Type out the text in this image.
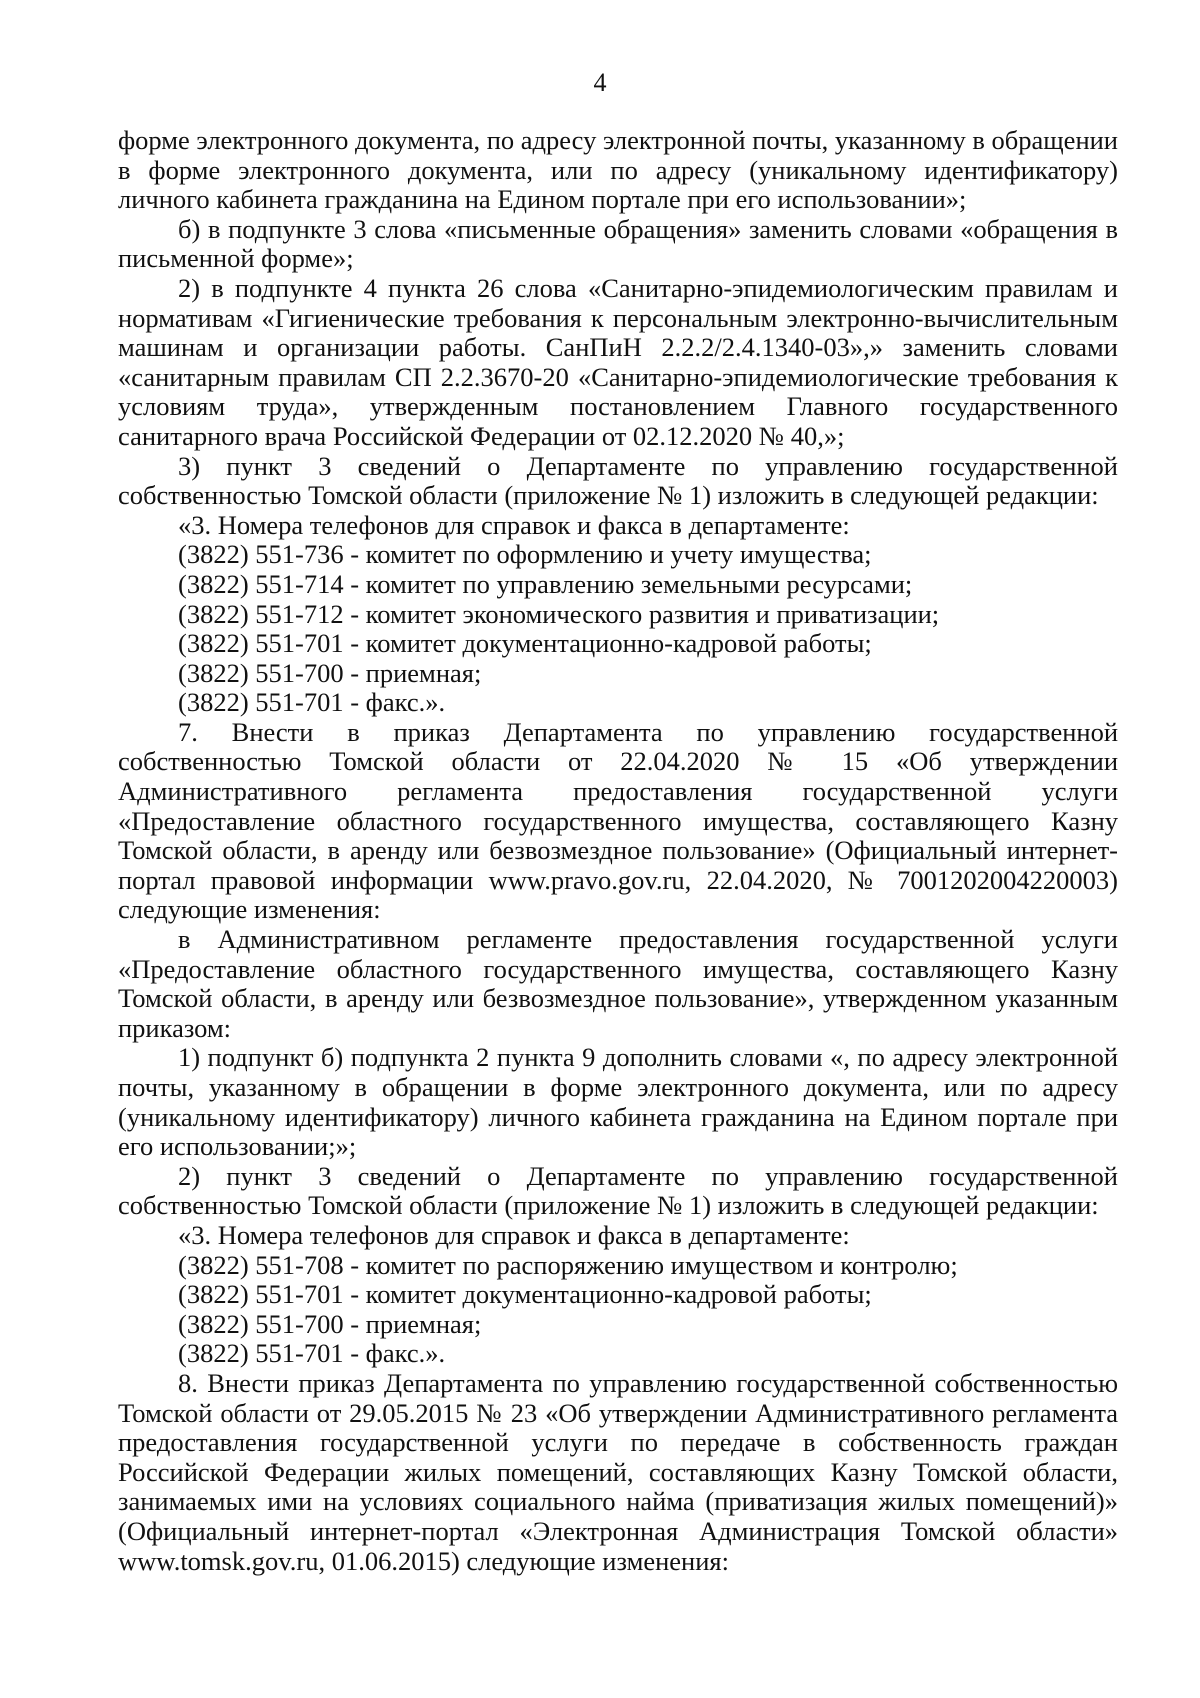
4

форме электронного документа, по адресу электронной почты, указанному в обращении в форме электронного документа, или по адресу (уникальному идентификатору) личного кабинета гражданина на Едином портале при его использовании»;

б) в подпункте 3 слова «письменные обращения» заменить словами «обращения в письменной форме»;

2) в подпункте 4 пункта 26 слова «Санитарно-эпидемиологическим правилам и нормативам «Гигиенические требования к персональным электронно-вычислительным машинам и организации работы. СанПиН 2.2.2/2.4.1340-03»,» заменить словами «санитарным правилам СП 2.2.3670-20 «Санитарно-эпидемиологические требования к условиям труда», утвержденным постановлением Главного государственного санитарного врача Российской Федерации от 02.12.2020 № 40,»;

3) пункт 3 сведений о Департаменте по управлению государственной собственностью Томской области (приложение № 1) изложить в следующей редакции:

«3. Номера телефонов для справок и факса в департаменте:

(3822) 551-736 - комитет по оформлению и учету имущества;

(3822) 551-714 - комитет по управлению земельными ресурсами;

(3822) 551-712 - комитет экономического развития и приватизации;

(3822) 551-701 - комитет документационно-кадровой работы;

(3822) 551-700 - приемная;

(3822) 551-701 - факс.».

7. Внести в приказ Департамента по управлению государственной собственностью Томской области от 22.04.2020 № 15 «Об утверждении Административного регламента предоставления государственной услуги «Предоставление областного государственного имущества, составляющего Казну Томской области, в аренду или безвозмездное пользование» (Официальный интернет-портал правовой информации www.pravo.gov.ru, 22.04.2020, № 7001202004220003) следующие изменения:

в Административном регламенте предоставления государственной услуги «Предоставление областного государственного имущества, составляющего Казну Томской области, в аренду или безвозмездное пользование», утвержденном указанным приказом:

1) подпункт б) подпункта 2 пункта 9 дополнить словами «, по адресу электронной почты, указанному в обращении в форме электронного документа, или по адресу (уникальному идентификатору) личного кабинета гражданина на Едином портале при его использовании;»;

2) пункт 3 сведений о Департаменте по управлению государственной собственностью Томской области (приложение № 1) изложить в следующей редакции:

«3. Номера телефонов для справок и факса в департаменте:

(3822) 551-708 - комитет по распоряжению имуществом и контролю;

(3822) 551-701 - комитет документационно-кадровой работы;

(3822) 551-700 - приемная;

(3822) 551-701 - факс.».

8. Внести приказ Департамента по управлению государственной собственностью Томской области от 29.05.2015 № 23 «Об утверждении Административного регламента предоставления государственной услуги по передаче в собственность граждан Российской Федерации жилых помещений, составляющих Казну Томской области, занимаемых ими на условиях социального найма (приватизация жилых помещений)» (Официальный интернет-портал «Электронная Администрация Томской области» www.tomsk.gov.ru, 01.06.2015) следующие изменения:
